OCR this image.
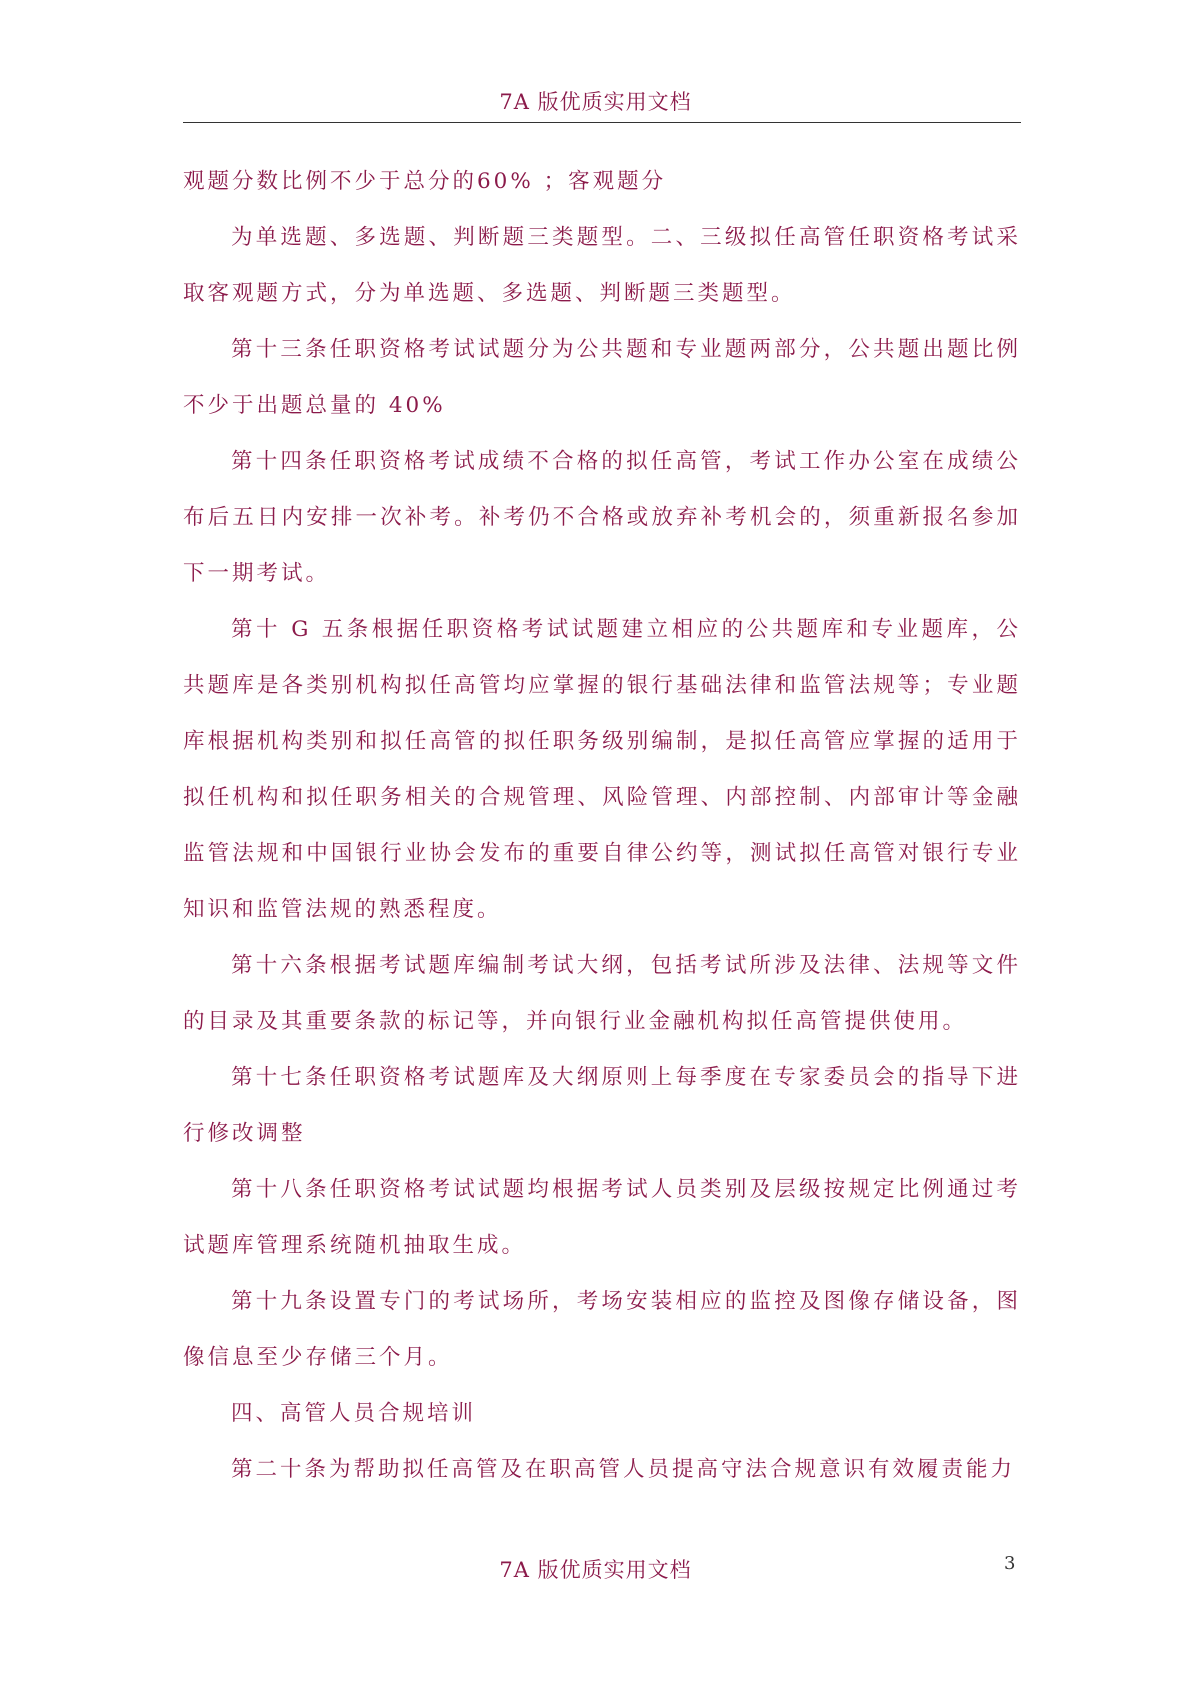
7A 版优质实用文档

观题分数比例不少于总分的60% ；客观题分

为单选题、多选题、判断题三类题型。二、三级拟任高管任职资格考试采取客观题方式，分为单选题、多选题、判断题三类题型。

第十三条任职资格考试试题分为公共题和专业题两部分，公共题出题比例不少于出题总量的 40%

第十四条任职资格考试成绩不合格的拟任高管，考试工作办公室在成绩公布后五日内安排一次补考。补考仍不合格或放弃补考机会的，须重新报名参加下一期考试。

第十 G 五条根据任职资格考试试题建立相应的公共题库和专业题库，公共题库是各类别机构拟任高管均应掌握的银行基础法律和监管法规等；专业题库根据机构类别和拟任高管的拟任职务级别编制，是拟任高管应掌握的适用于拟任机构和拟任职务相关的合规管理、风险管理、内部控制、内部审计等金融监管法规和中国银行业协会发布的重要自律公约等，测试拟任高管对银行专业知识和监管法规的熟悉程度。

第十六条根据考试题库编制考试大纲，包括考试所涉及法律、法规等文件的目录及其重要条款的标记等，并向银行业金融机构拟任高管提供使用。

第十七条任职资格考试题库及大纲原则上每季度在专家委员会的指导下进行修改调整

第十八条任职资格考试试题均根据考试人员类别及层级按规定比例通过考试题库管理系统随机抽取生成。

第十九条设置专门的考试场所，考场安装相应的监控及图像存储设备，图像信息至少存储三个月。

四、高管人员合规培训

第二十条为帮助拟任高管及在职高管人员提高守法合规意识有效履责能力

7A 版优质实用文档	3
